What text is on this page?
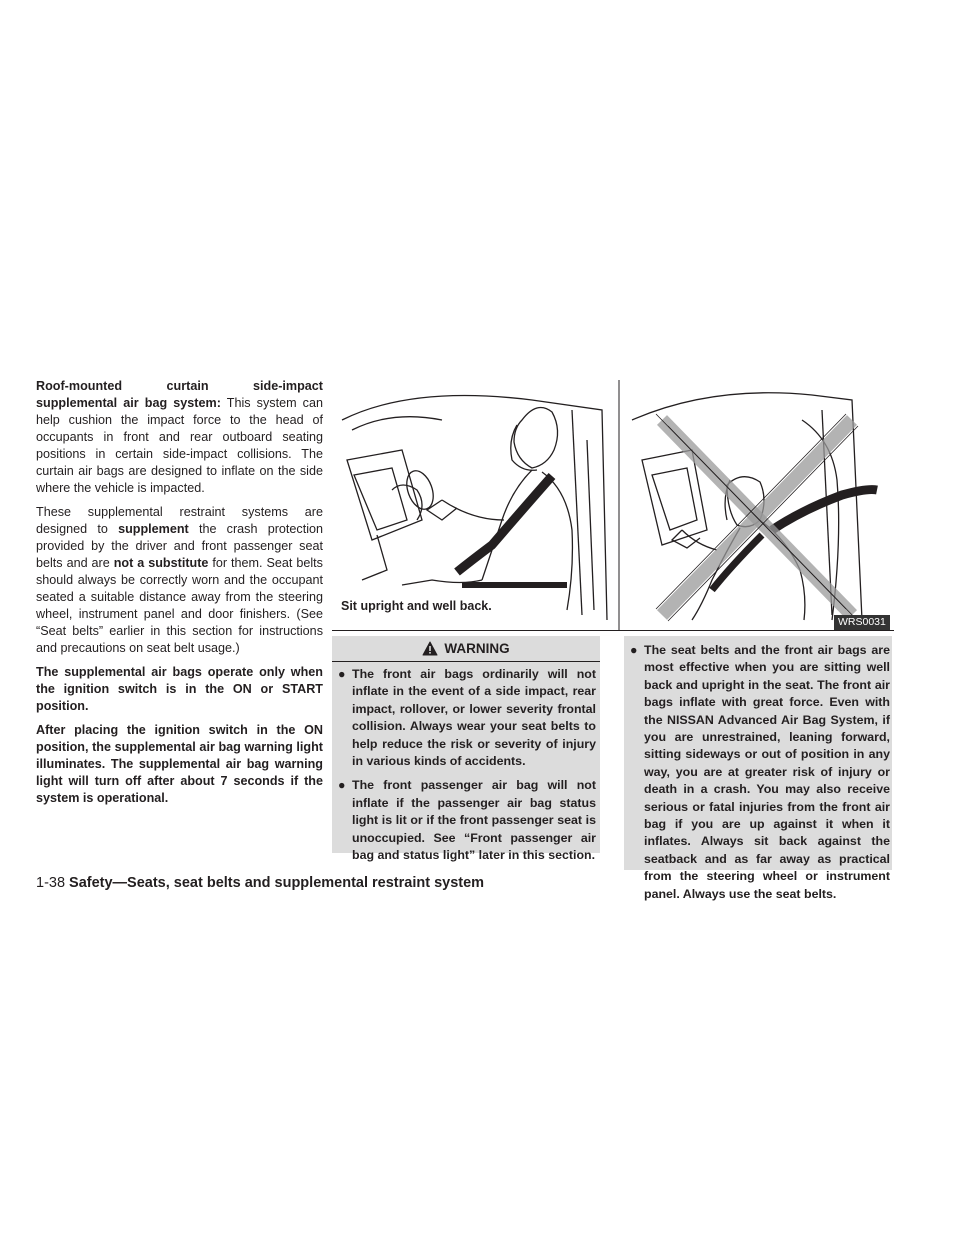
Roof-mounted curtain side-impact supplemental air bag system: This system can help cushion the impact force to the head of occupants in front and rear outboard seating positions in certain side-impact collisions. The curtain air bags are designed to inflate on the side where the vehicle is impacted.

These supplemental restraint systems are designed to supplement the crash protection provided by the driver and front passenger seat belts and are not a substitute for them. Seat belts should always be correctly worn and the occupant seated a suitable distance away from the steering wheel, instrument panel and door finishers. (See “Seat belts” earlier in this section for instructions and precautions on seat belt usage.)

The supplemental air bags operate only when the ignition switch is in the ON or START position.

After placing the ignition switch in the ON position, the supplemental air bag warning light illuminates. The supplemental air bag warning light will turn off after about 7 seconds if the system is operational.

Sit upright and well back.
WRS0031
WARNING
● The front air bags ordinarily will not inflate in the event of a side impact, rear impact, rollover, or lower severity frontal collision. Always wear your seat belts to help reduce the risk or severity of injury in various kinds of accidents.
● The front passenger air bag will not inflate if the passenger air bag status light is lit or if the front passenger seat is unoccupied. See “Front passenger air bag and status light” later in this section.
● The seat belts and the front air bags are most effective when you are sitting well back and upright in the seat. The front air bags inflate with great force. Even with the NISSAN Advanced Air Bag System, if you are unrestrained, leaning forward, sitting sideways or out of position in any way, you are at greater risk of injury or death in a crash. You may also receive serious or fatal injuries from the front air bag if you are up against it when it inflates. Always sit back against the seatback and as far away as practical from the steering wheel or instrument panel. Always use the seat belts.
1-38 Safety—Seats, seat belts and supplemental restraint system
